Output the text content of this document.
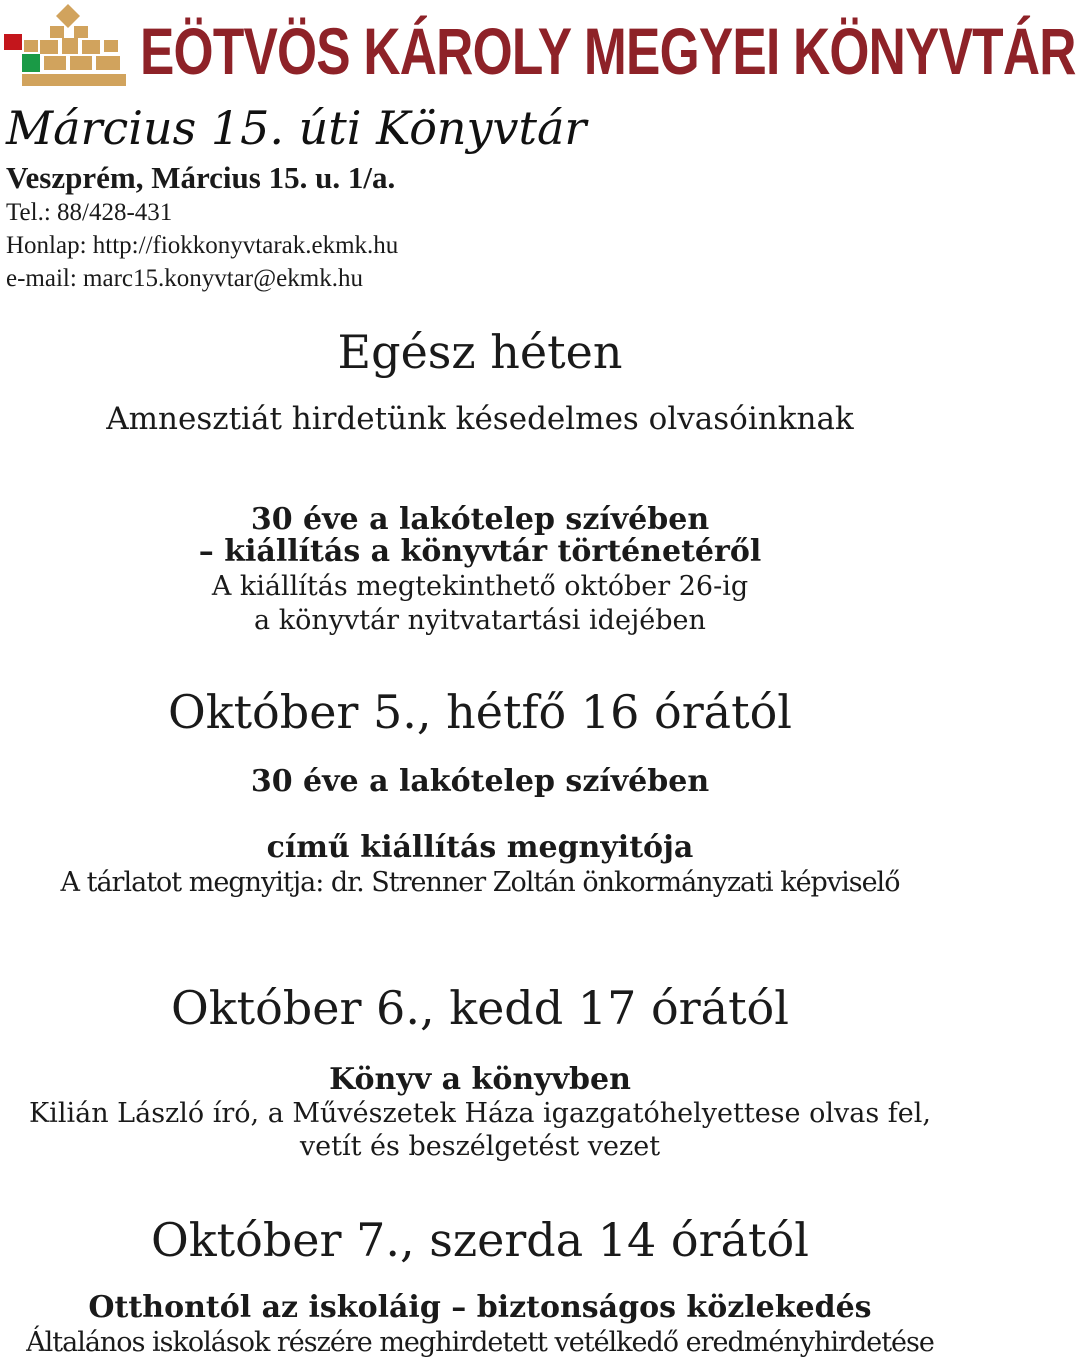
EÖTVÖS KÁROLY MEGYEI KÖNYVTÁR
Március 15. úti Könyvtár

Veszprém, Március 15. u. 1/a.

Tel.: 88/428-431

Honlap: http://fiokkonyvtarak.ekmk.hu

e-mail: marc15.konyvtar@ekmk.hu

Egész héten

Amnesztiát hirdetünk késedelmes olvasóinknak

30 éve a lakótelep szívében

– kiállítás a könyvtár történetéről

A kiállítás megtekinthető október 26-ig

a könyvtár nyitvatartási idejében

Október 5., hétfő 16 órától

30 éve a lakótelep szívében

című kiállítás megnyitója

A tárlatot megnyitja: dr. Strenner Zoltán önkormányzati képviselő

Október 6., kedd 17 órától

Könyv a könyvben

Kilián László író, a Művészetek Háza igazgatóhelyettese olvas fel,

vetít és beszélgetést vezet

Október 7., szerda 14 órától

Otthontól az iskoláig – biztonságos közlekedés

Általános iskolások részére meghirdetett vetélkedő eredményhirdetése
